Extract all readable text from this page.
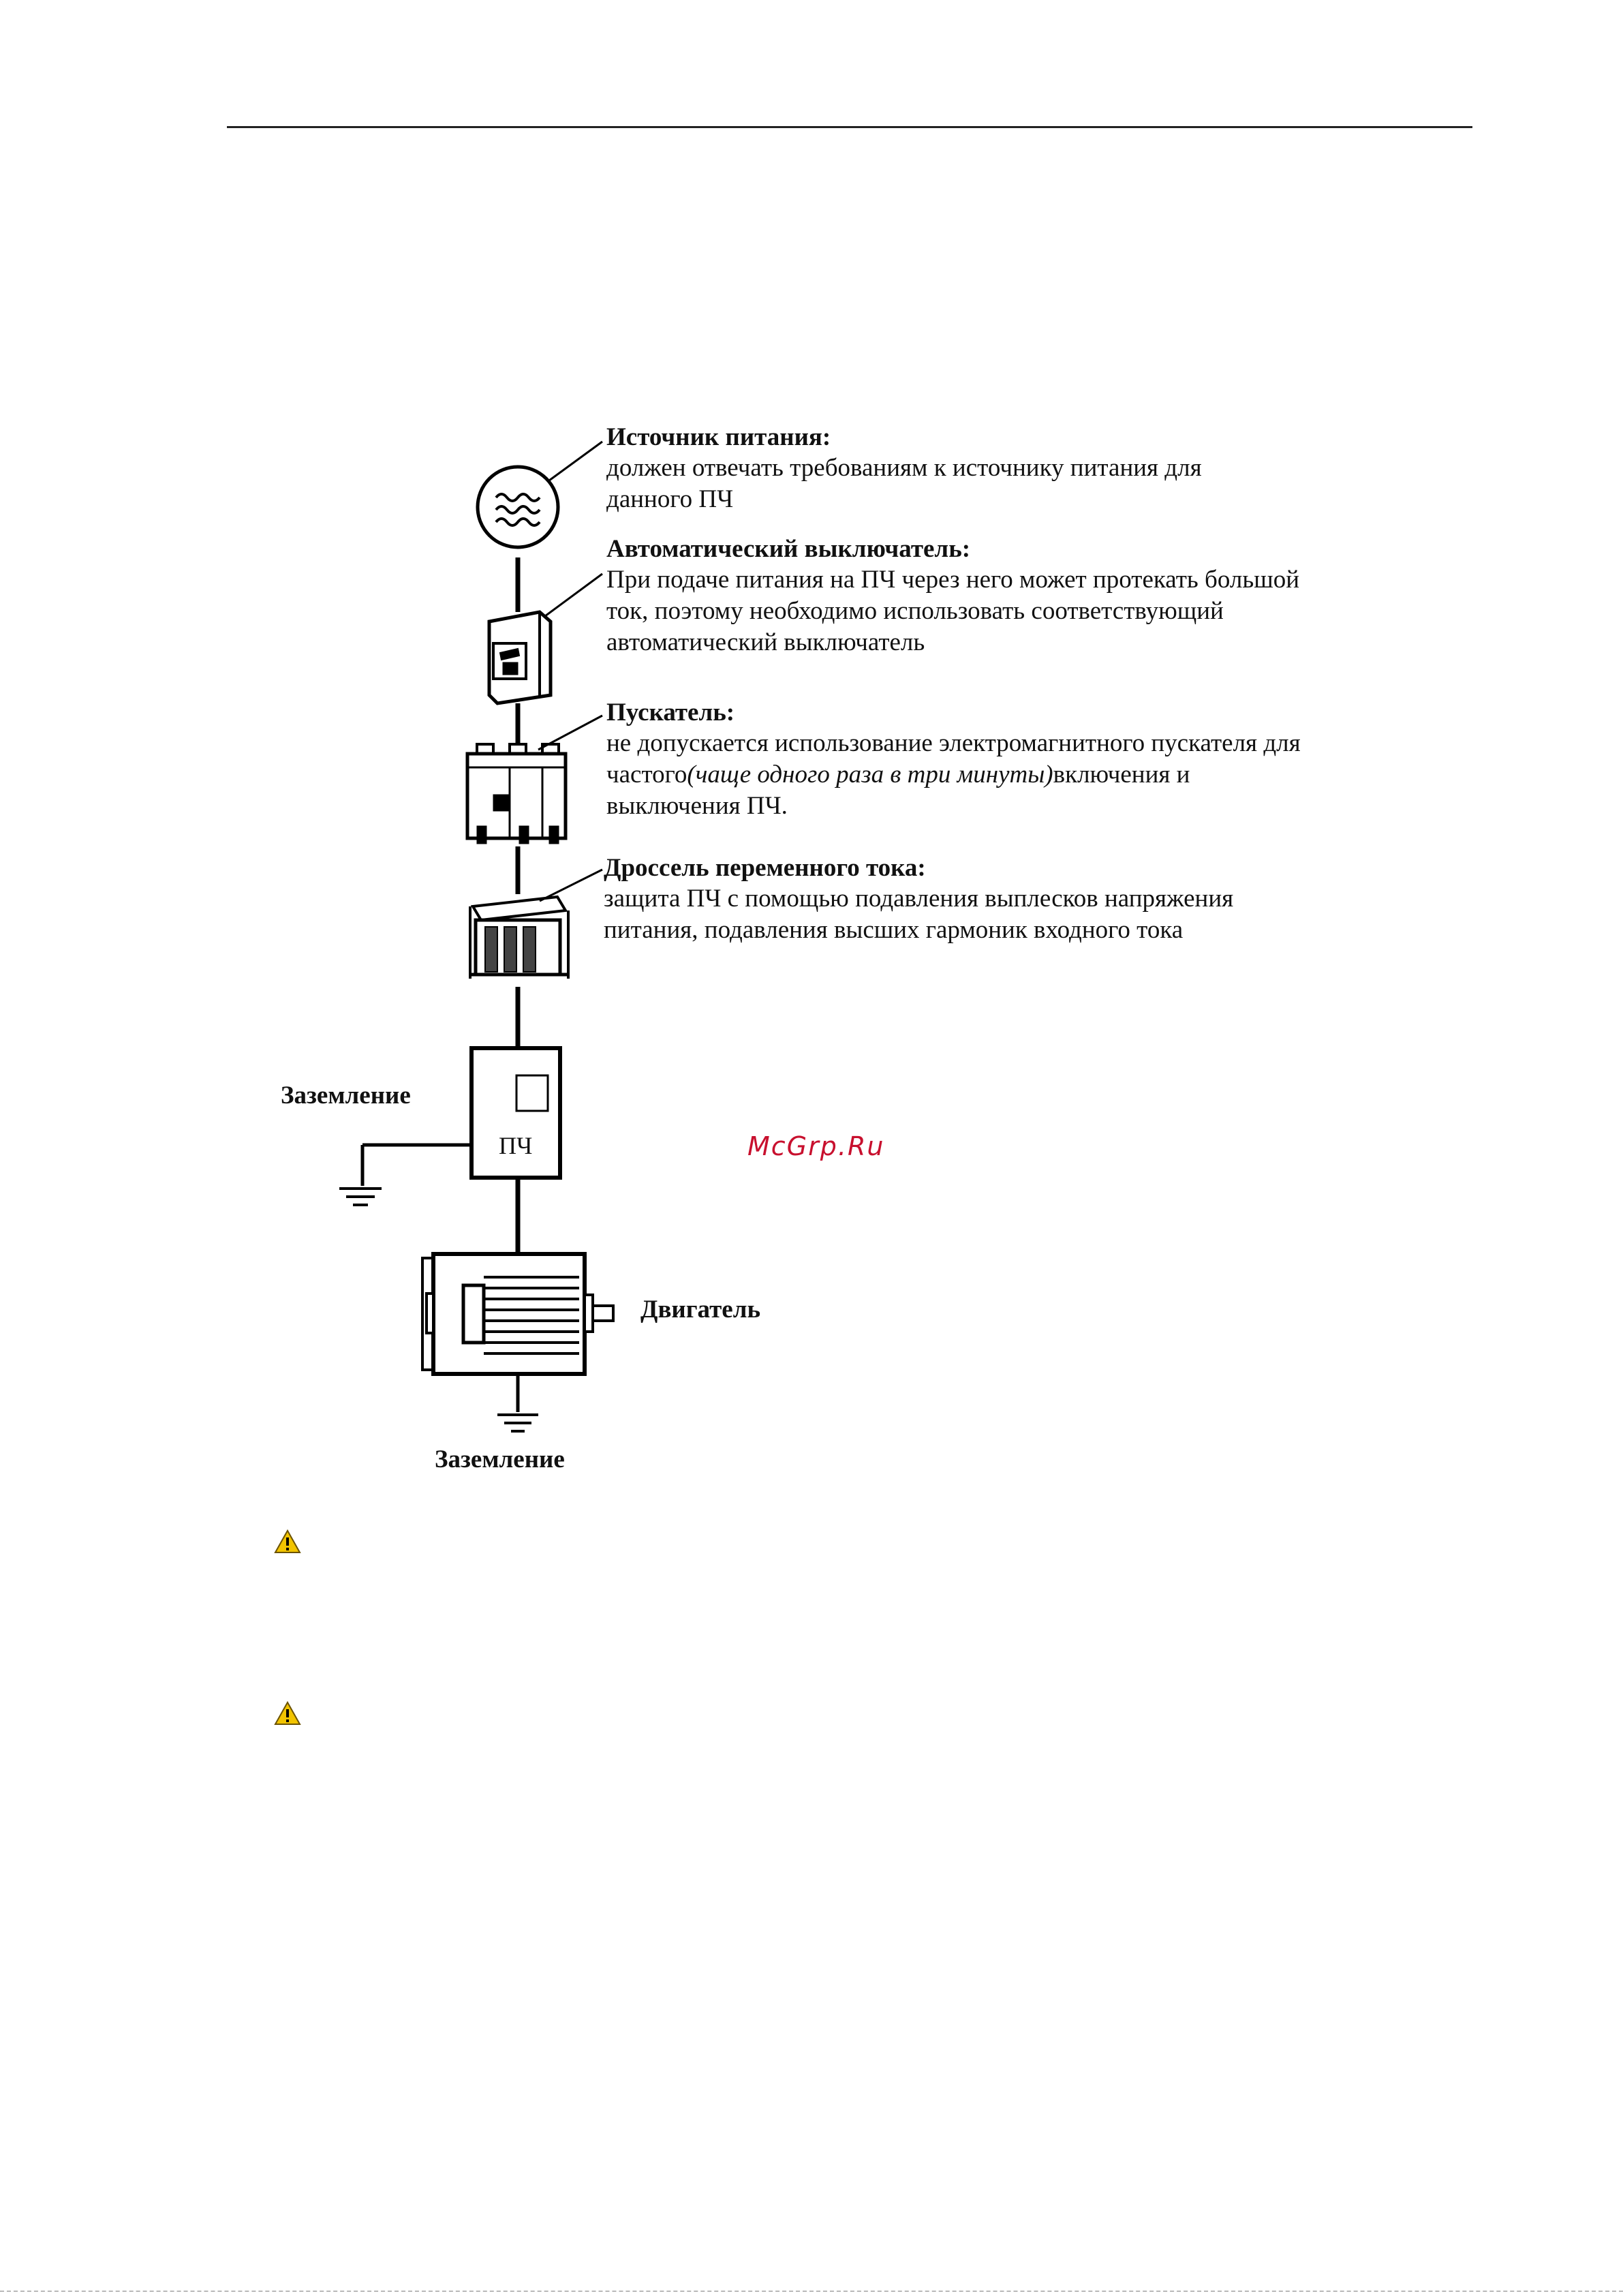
Источник питания:
должен отвечать требованиям к источнику питания для
данного ПЧ
Автоматический выключатель:
При подаче питания на ПЧ через него может протекать большой
ток, поэтому необходимо использовать соответствующий
автоматический выключатель
Пускатель:
не допускается использование электромагнитного пускателя для
частого(чаще одного раза в три минуты)включения и
выключения ПЧ.
Дроссель переменного тока:
защита ПЧ с помощью подавления выплесков напряжения
питания, подавления высших гармоник входного тока
ПЧ
Заземление
Двигатель
Заземление
McGrp.Ru
